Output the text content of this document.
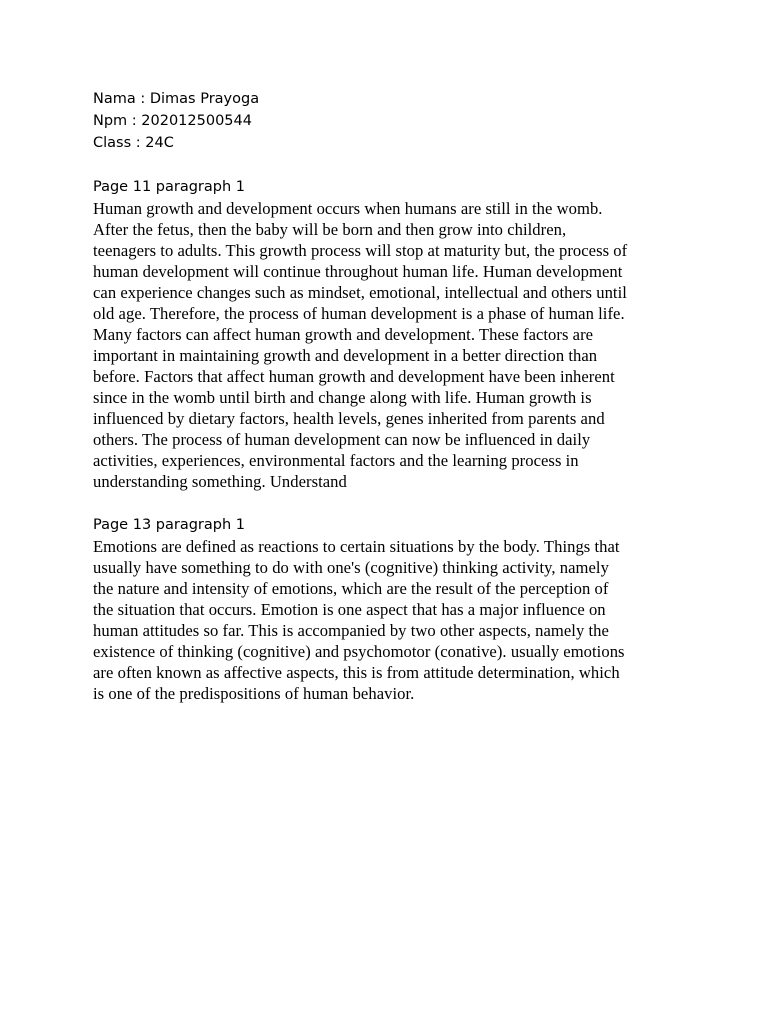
Nama : Dimas Prayoga

Npm : 202012500544

Class : 24C

Page 11 paragraph 1

Human growth and development occurs when humans are still in the womb.
After the fetus, then the baby will be born and then grow into children,
teenagers to adults. This growth process will stop at maturity but, the process of
human development will continue throughout human life. Human development
can experience changes such as mindset, emotional, intellectual and others until
old age. Therefore, the process of human development is a phase of human life.
Many factors can affect human growth and development. These factors are
important in maintaining growth and development in a better direction than
before. Factors that affect human growth and development have been inherent
since in the womb until birth and change along with life. Human growth is
influenced by dietary factors, health levels, genes inherited from parents and
others. The process of human development can now be influenced in daily
activities, experiences, environmental factors and the learning process in
understanding something. Understand

Page 13 paragraph 1

Emotions are defined as reactions to certain situations by the body. Things that
usually have something to do with one's (cognitive) thinking activity, namely
the nature and intensity of emotions, which are the result of the perception of
the situation that occurs. Emotion is one aspect that has a major influence on
human attitudes so far. This is accompanied by two other aspects, namely the
existence of thinking (cognitive) and psychomotor (conative). usually emotions
are often known as affective aspects, this is from attitude determination, which
is one of the predispositions of human behavior.
